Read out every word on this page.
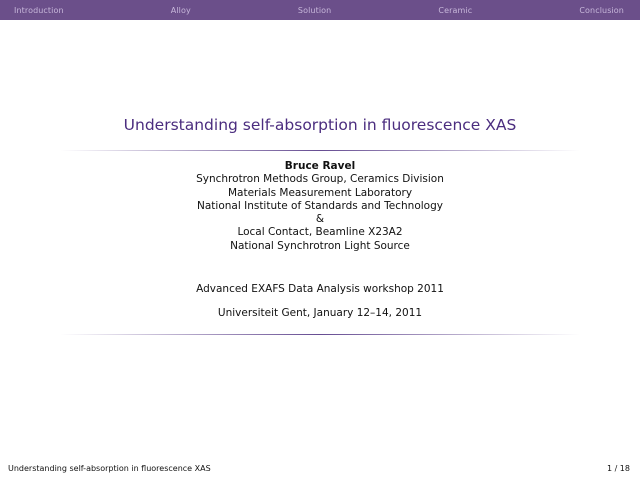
Introduction	Alloy	Solution	Ceramic	Conclusion
Understanding self-absorption in fluorescence XAS
Bruce Ravel
Synchrotron Methods Group, Ceramics Division
Materials Measurement Laboratory
National Institute of Standards and Technology
&
Local Contact, Beamline X23A2
National Synchrotron Light Source
Advanced EXAFS Data Analysis workshop 2011
Universiteit Gent, January 12–14, 2011
Understanding self-absorption in fluorescence XAS	1 / 18
